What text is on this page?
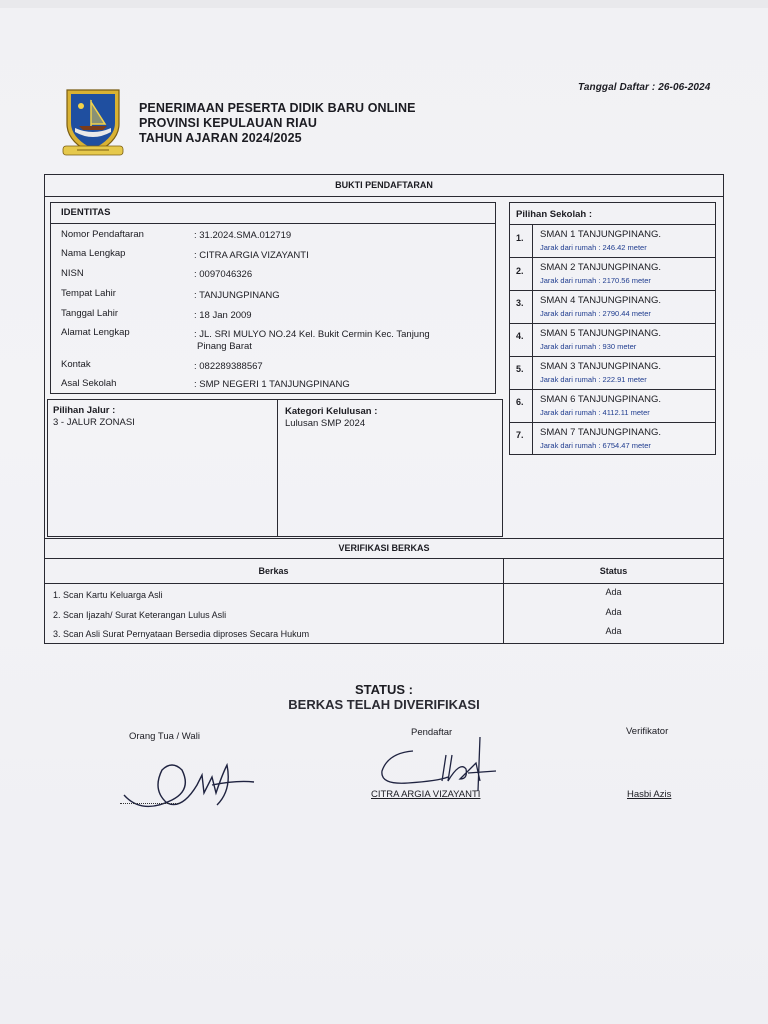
Tanggal Daftar : 26-06-2024
PENERIMAAN PESERTA DIDIK BARU ONLINE
PROVINSI KEPULAUAN RIAU
TAHUN AJARAN 2024/2025
BUKTI PENDAFTARAN
IDENTITAS
Nomor Pendaftaran	: 31.2024.SMA.012719
Nama Lengkap	: CITRA ARGIA VIZAYANTI
NISN	: 0097046326
Tempat Lahir	: TANJUNGPINANG
Tanggal Lahir	: 18 Jan 2009
Alamat Lengkap	: JL. SRI MULYO NO.24 Kel. Bukit Cermin Kec. Tanjung
Pinang Barat
Kontak	: 082289388567
Asal Sekolah	: SMP NEGERI 1 TANJUNGPINANG
Pilihan Jalur :
3 - JALUR ZONASI
Kategori Kelulusan :
Lulusan SMP 2024
Pilihan Sekolah :
1. SMAN 1 TANJUNGPINANG.
Jarak dari rumah : 246.42 meter
2. SMAN 2 TANJUNGPINANG.
Jarak dari rumah : 2170.56 meter
3. SMAN 4 TANJUNGPINANG.
Jarak dari rumah : 2790.44 meter
4. SMAN 5 TANJUNGPINANG.
Jarak dari rumah : 930 meter
5. SMAN 3 TANJUNGPINANG.
Jarak dari rumah : 222.91 meter
6. SMAN 6 TANJUNGPINANG.
Jarak dari rumah : 4112.11 meter
7. SMAN 7 TANJUNGPINANG.
Jarak dari rumah : 6754.47 meter
VERIFIKASI BERKAS
Berkas	Status
1. Scan Kartu Keluarga Asli	Ada
2. Scan Ijazah/ Surat Keterangan Lulus Asli	Ada
3. Scan Asli Surat Pernyataan Bersedia diproses Secara Hukum	Ada
STATUS :
BERKAS TELAH DIVERIFIKASI
Orang Tua / Wali	Pendaftar
CITRA ARGIA VIZAYANTI
Verifikator
Hasbi Azis
